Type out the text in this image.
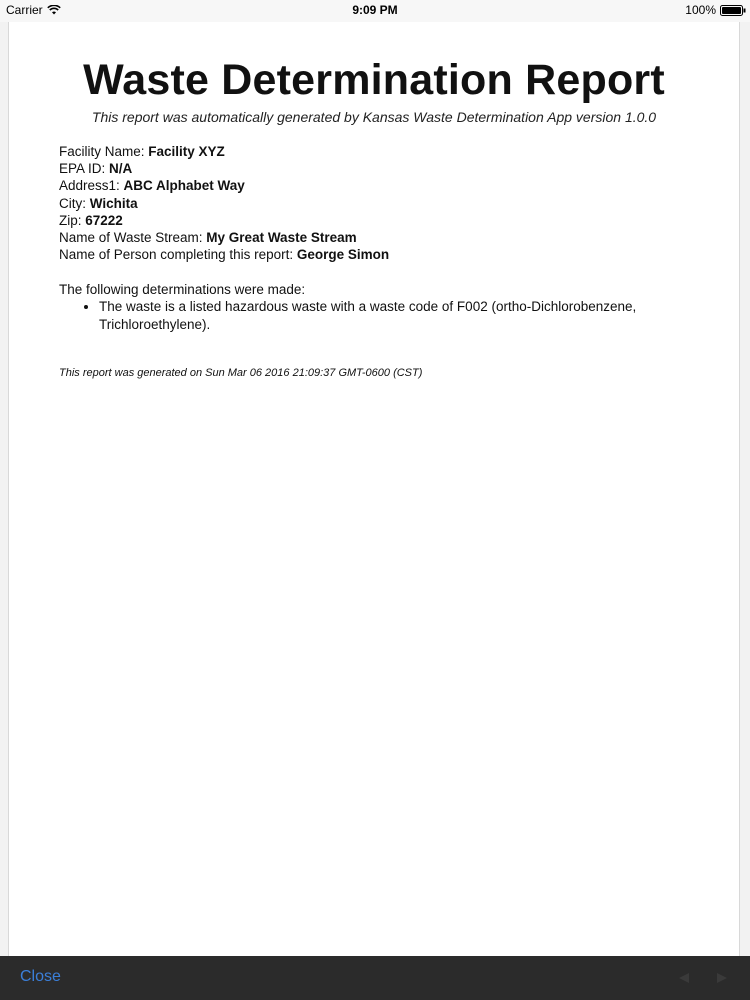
Carrier	9:09 PM	100%
Waste Determination Report
This report was automatically generated by Kansas Waste Determination App version 1.0.0
Facility Name: Facility XYZ
EPA ID: N/A
Address1: ABC Alphabet Way
City: Wichita
Zip: 67222
Name of Waste Stream: My Great Waste Stream
Name of Person completing this report: George Simon
The following determinations were made:
• The waste is a listed hazardous waste with a waste code of F002 (ortho-Dichlorobenzene, Trichloroethylene).
This report was generated on Sun Mar 06 2016 21:09:37 GMT-0600 (CST)
Close
